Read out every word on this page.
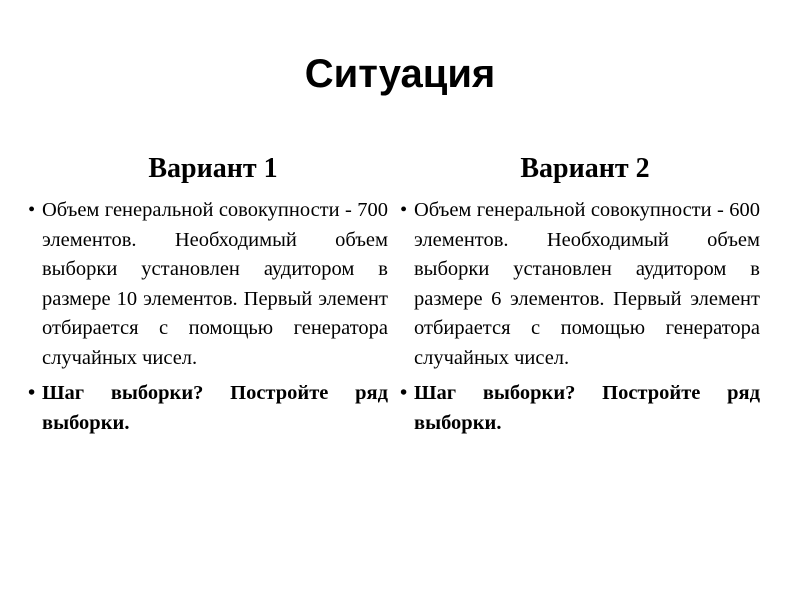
Ситуация
Вариант 1
• Объем генеральной совокупности - 700 элементов. Необходимый объем выборки установлен аудитором в размере 10 элементов. Первый элемент отбирается с помощью генератора случайных чисел.
• Шаг выборки? Постройте ряд выборки.
Вариант 2
• Объем генеральной совокупности - 600 элементов. Необходимый объем выборки установлен аудитором в размере 6 элементов. Первый элемент отбирается с помощью генератора случайных чисел.
• Шаг выборки? Постройте ряд выборки.
